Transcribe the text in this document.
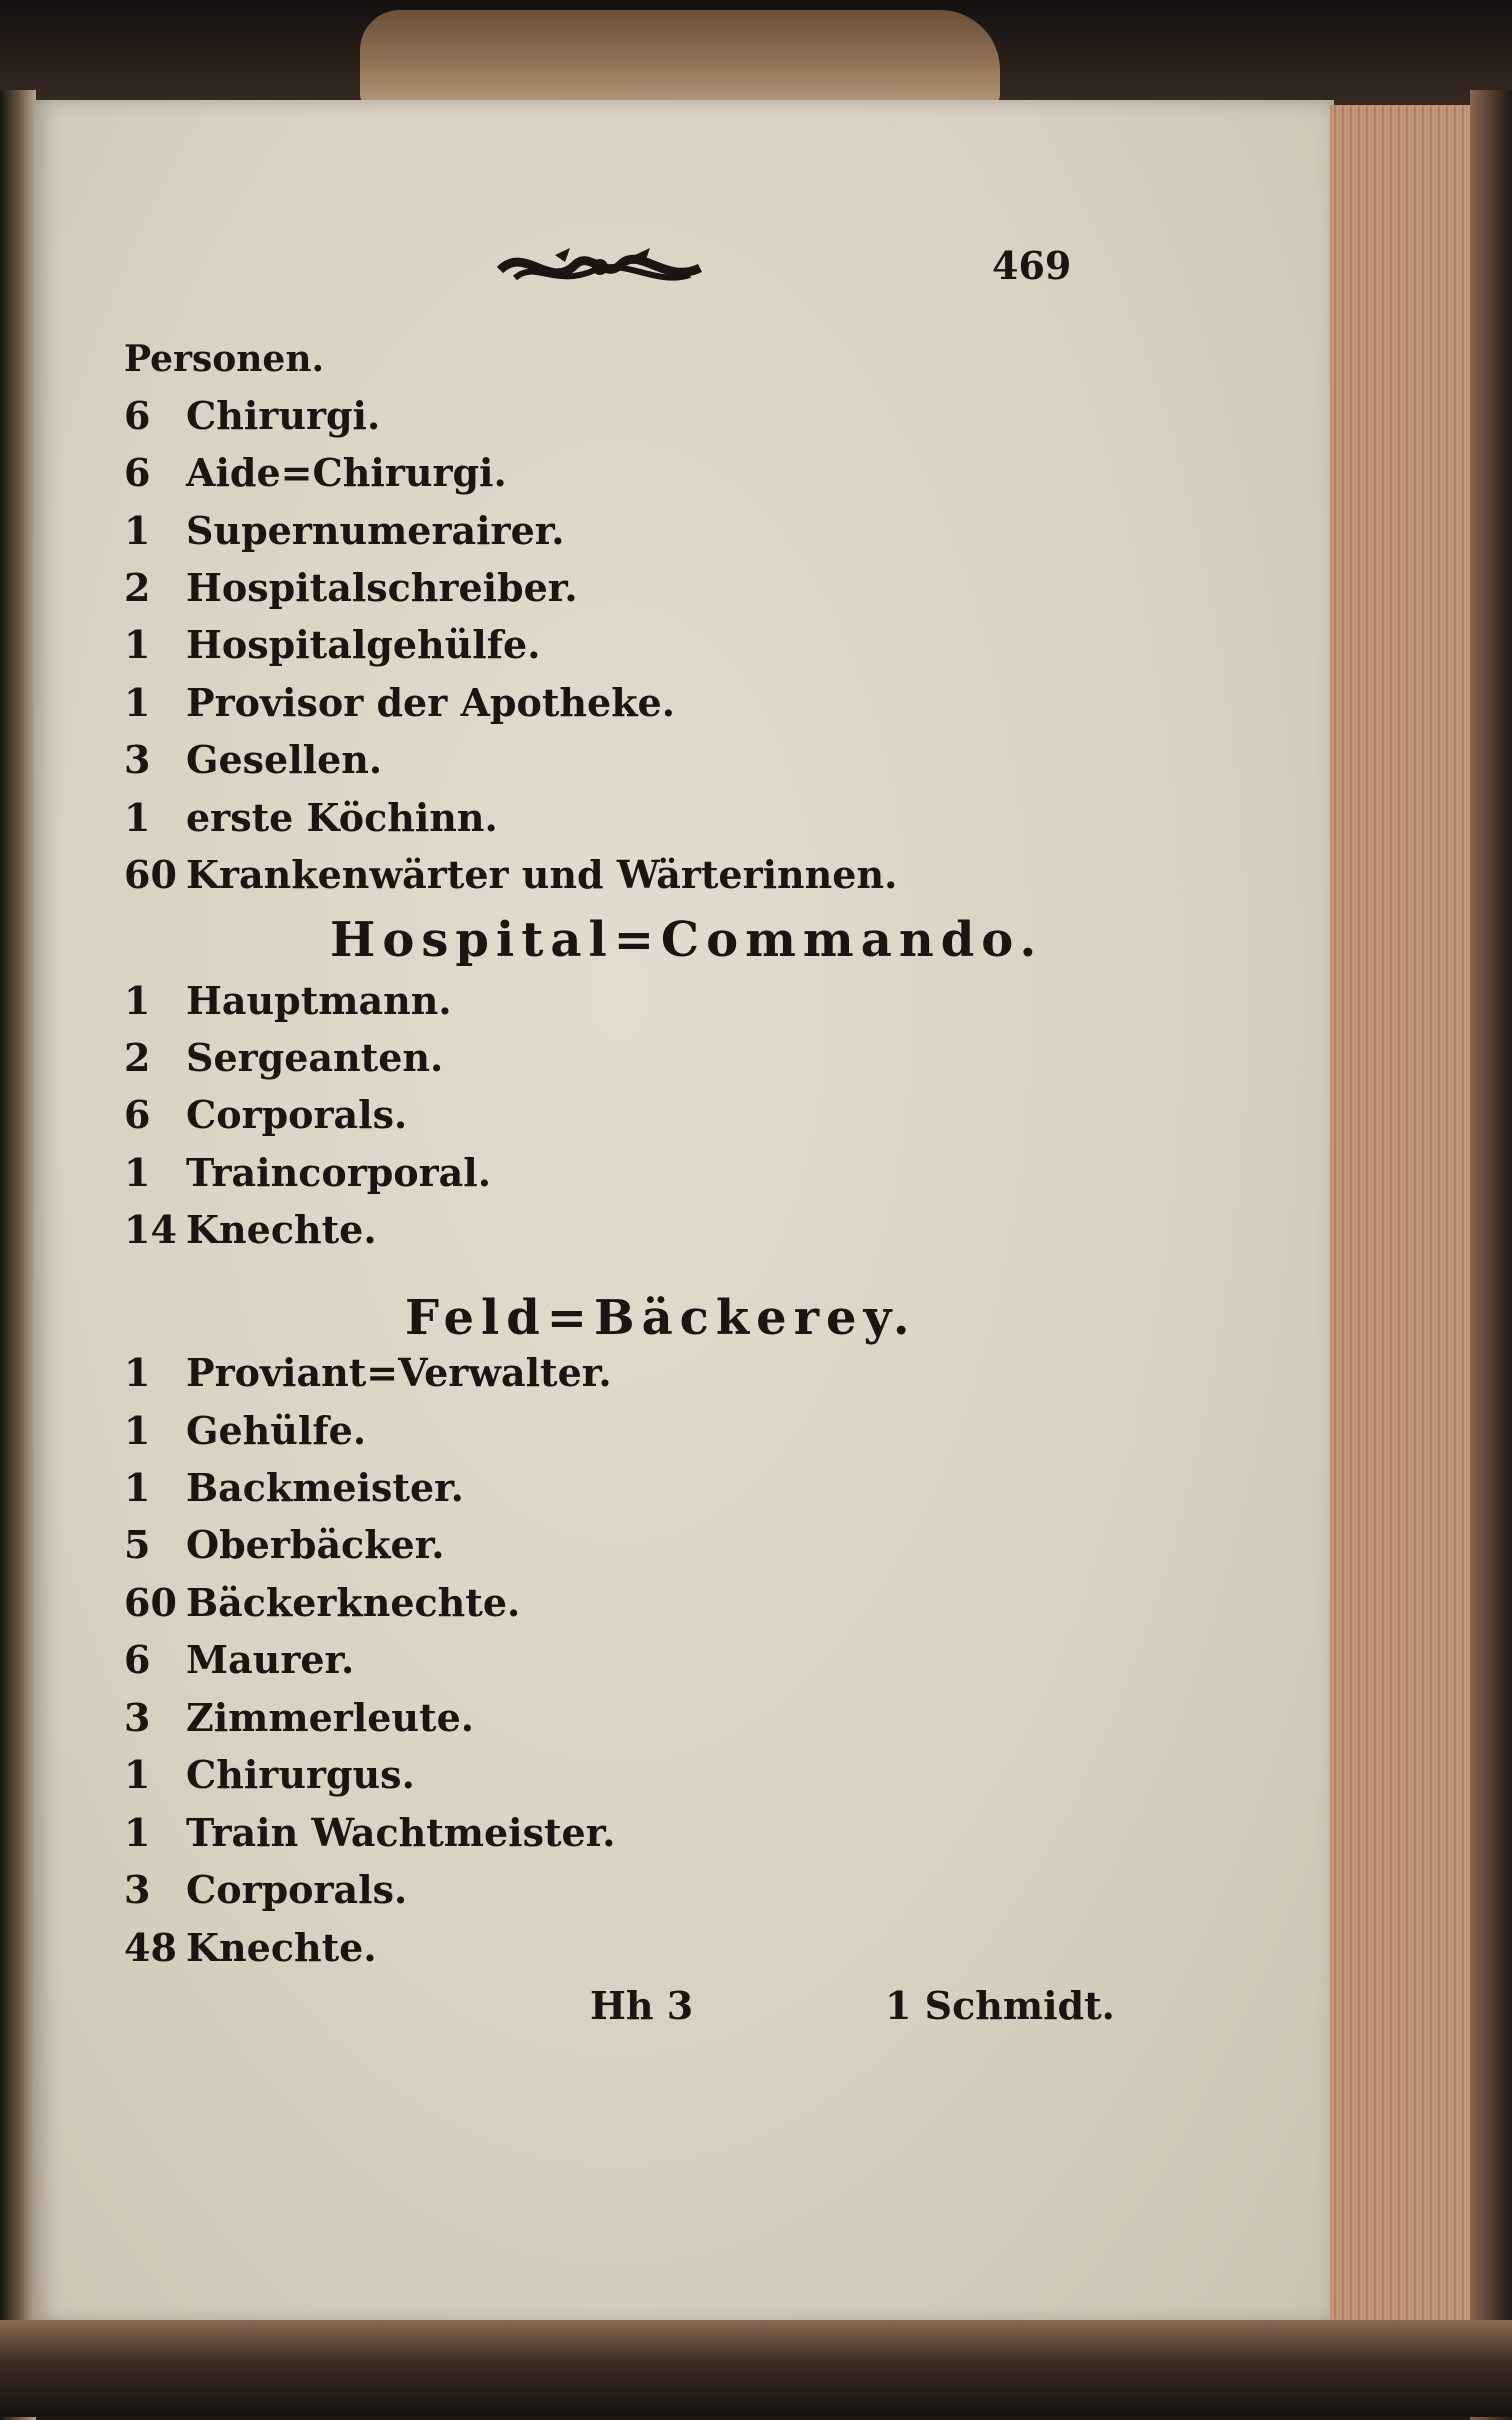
469
Personen.
6 Chirurgi.
6 Aide=Chirurgi.
1 Supernumerairer.
2 Hospitalschreiber.
1 Hospitalgehülfe.
1 Provisor der Apotheke.
3 Gesellen.
1 erste Köchinn.
60 Krankenwärter und Wärterinnen.
Hospital=Commando.
1 Hauptmann.
2 Sergeanten.
6 Corporals.
1 Traincorporal.
14 Knechte.
Feld=Bäckerey.
1 Proviant=Verwalter.
1 Gehülfe.
1 Backmeister.
5 Oberbäcker.
60 Bäckerknechte.
6 Maurer.
3 Zimmerleute.
1 Chirurgus.
1 Train Wachtmeister.
3 Corporals.
48 Knechte.
Hh 3	1 Schmidt.
